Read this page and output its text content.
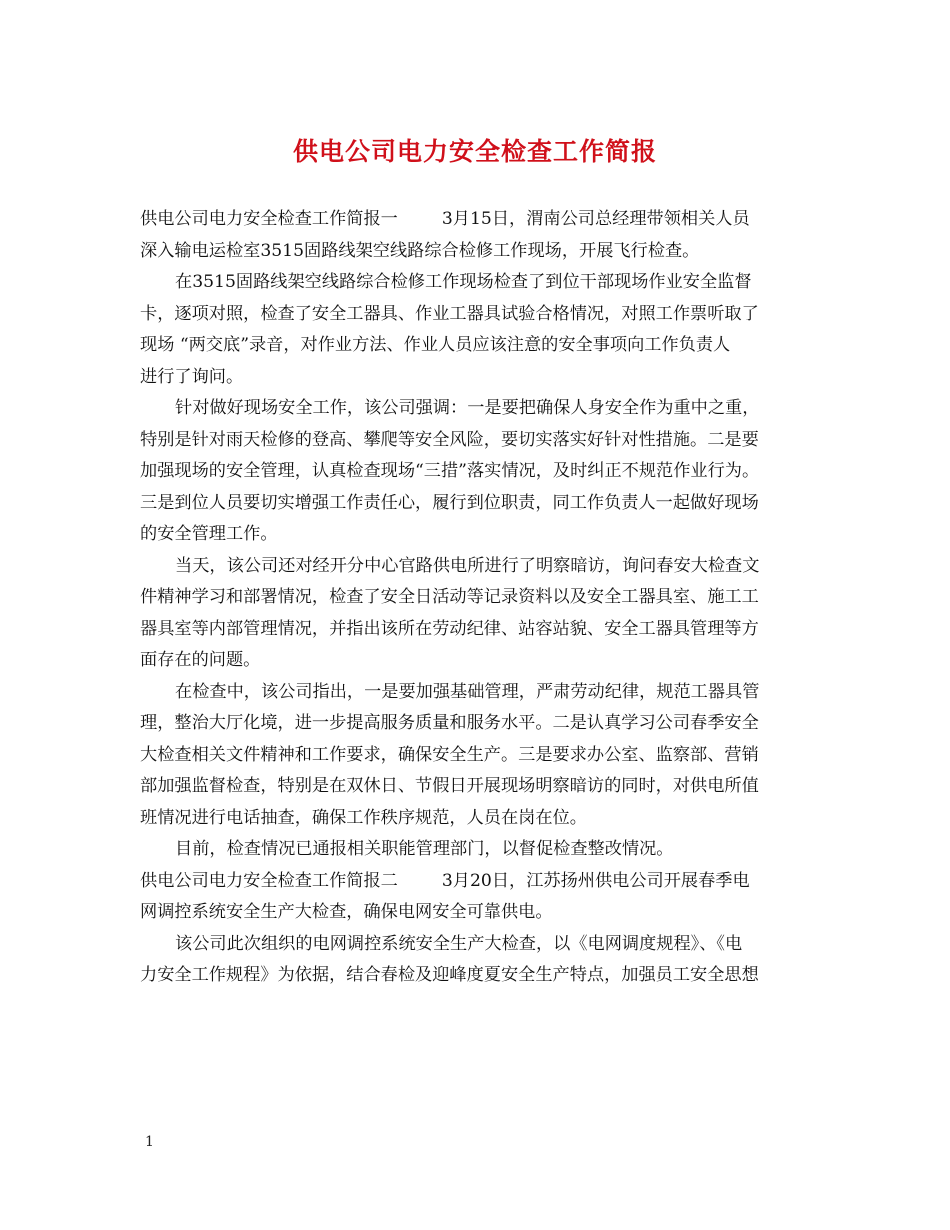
供电公司电力安全检查工作简报
供电公司电力安全检查工作简报一	3月15日，渭南公司总经理带领相关人员
深入输电运检室3515固路线架空线路综合检修工作现场，开展飞行检查。
在3515固路线架空线路综合检修工作现场检查了到位干部现场作业安全监督
卡，逐项对照，检查了安全工器具、作业工器具试验合格情况，对照工作票听取了
现场 “两交底”录音，对作业方法、作业人员应该注意的安全事项向工作负责人
进行了询问。
针对做好现场安全工作，该公司强调：一是要把确保人身安全作为重中之重，
特别是针对雨天检修的登高、攀爬等安全风险，要切实落实好针对性措施。二是要
加强现场的安全管理，认真检查现场“三措”落实情况，及时纠正不规范作业行为。
三是到位人员要切实增强工作责任心，履行到位职责，同工作负责人一起做好现场
的安全管理工作。
当天，该公司还对经开分中心官路供电所进行了明察暗访，询问春安大检查文
件精神学习和部署情况，检查了安全日活动等记录资料以及安全工器具室、施工工
器具室等内部管理情况，并指出该所在劳动纪律、站容站貌、安全工器具管理等方
面存在的问题。
在检查中，该公司指出，一是要加强基础管理，严肃劳动纪律，规范工器具管
理，整治大厅化境，进一步提高服务质量和服务水平。二是认真学习公司春季安全
大检查相关文件精神和工作要求，确保安全生产。三是要求办公室、监察部、营销
部加强监督检查，特别是在双休日、节假日开展现场明察暗访的同时，对供电所值
班情况进行电话抽查，确保工作秩序规范，人员在岗在位。
目前，检查情况已通报相关职能管理部门，以督促检查整改情况。
供电公司电力安全检查工作简报二	3月20日，江苏扬州供电公司开展春季电
网调控系统安全生产大检查，确保电网安全可靠供电。
该公司此次组织的电网调控系统安全生产大检查，以《电网调度规程》、《电
力安全工作规程》为依据，结合春检及迎峰度夏安全生产特点，加强员工安全思想
1
